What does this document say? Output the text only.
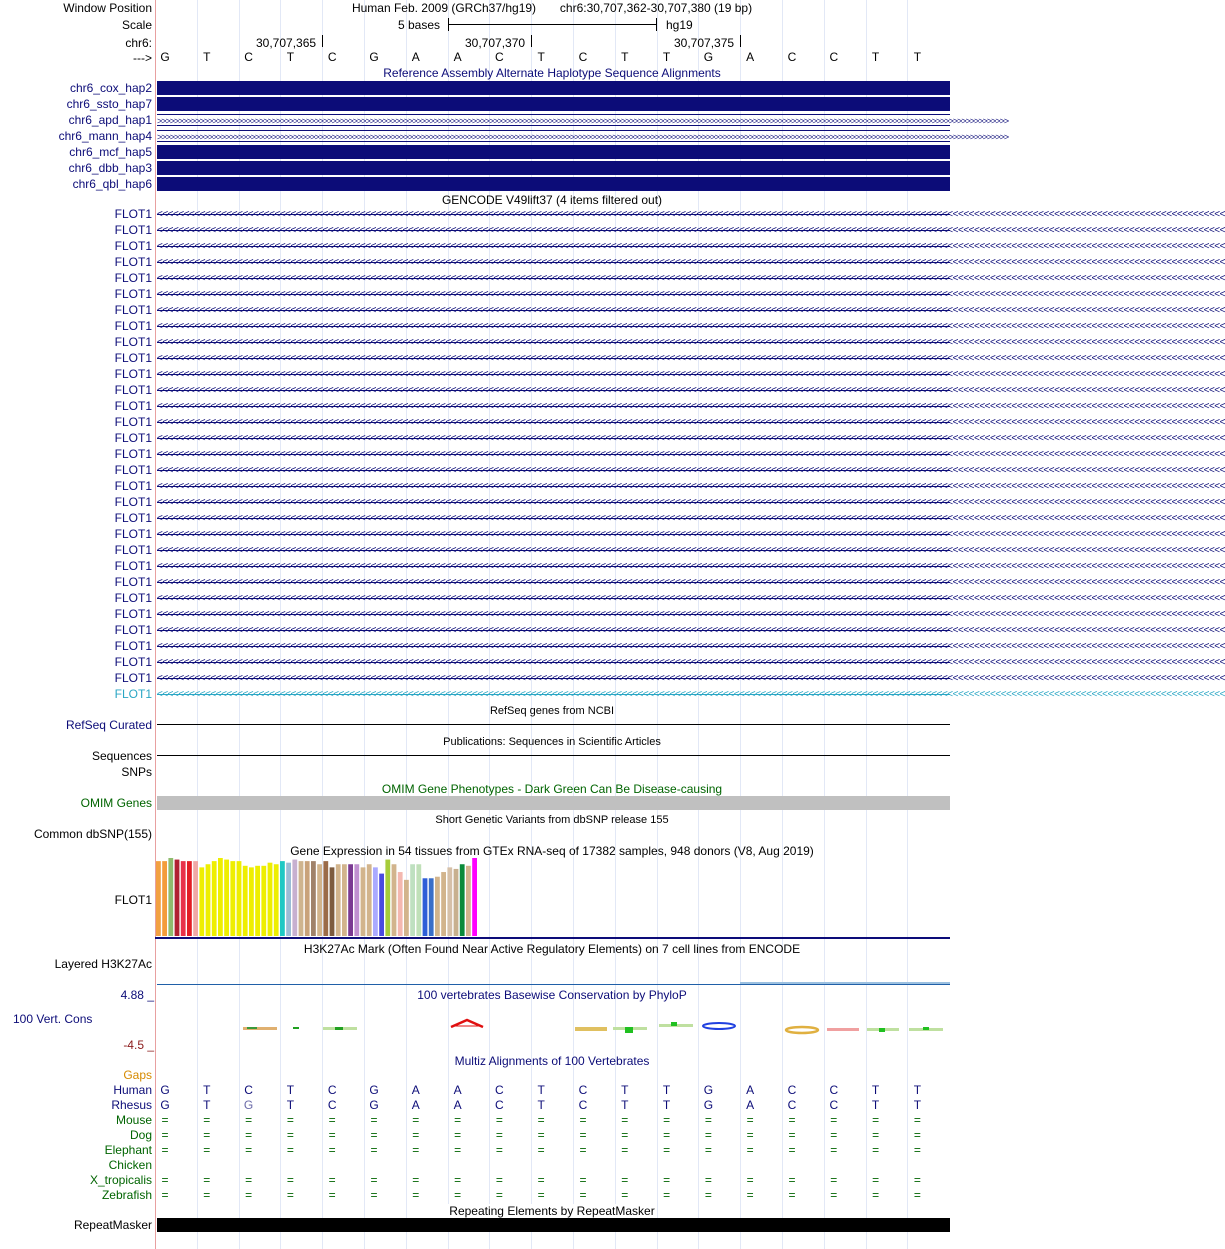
Window Position	Human Feb. 2009 (GRCh37/hg19) chr6:30,707,362-30,707,380 (19 bp)
Scale	5 bases	hg19
chr6:	30,707,365	30,707,370	30,707,375
---> G	T	C	T	C	G	A	A	C	T	C	T	T	G	A	C	C	T	T
Reference Assembly Alternate Haplotype Sequence Alignments
chr6_cox_hap2
chr6_ssto_hap7
chr6_apd_hap1 >>>>>>>>>>>>>>>>>>>>>>>>>>>>>>>>>>>>>>>>>>>>>>>>>>>>>>>>>>>>>>>>>>>>>>>>>>>>>>>>>>>>>>>>>>>>>>>>>>>>>>>>>>>>>>>>>>>>>>>>>>>>>>>>>>>>>>>>>>>>>>>>>>>>>>>>>>>>>>>>>>>>>>>>>>>>>>>>>>>>>>>>>>>>>>>>>>>>>>>>
chr6_mann_hap4 >>>>>>>>>>>>>>>>>>>>>>>>>>>>>>>>>>>>>>>>>>>>>>>>>>>>>>>>>>>>>>>>>>>>>>>>>>>>>>>>>>>>>>>>>>>>>>>>>>>>>>>>>>>>>>>>>>>>>>>>>>>>>>>>>>>>>>>>>>>>>>>>>>>>>>>>>>>>>>>>>>>>>>>>>>>>>>>>>>>>>>>>>>>>>>>>>>>>>>>>
chr6_mcf_hap5
chr6_dbb_hap3
chr6_qbl_hap6
GENCODE V49lift37 (4 items filtered out)
FLOT1 <<<<<<<<<<<<<<<<<<<<<<<<<<<<<<<<<<<<<<<<<<<<<<<<<<<<<<<<<<<<<<<<<<<<<<<<<<<<<<<<<<<<<<<<<<<<<<<<<<<<<<<<<<<<<<<<<<<<<<<<<<<<<<<<<<<<<<<<<<<<<<<<<<<<<<<<<<<<<<<<<<<<<<<<<<<<<<<<<<<<<<<<<<<<<<<<<<<<<<<<
FLOT1 <<<<<<<<<<<<<<<<<<<<<<<<<<<<<<<<<<<<<<<<<<<<<<<<<<<<<<<<<<<<<<<<<<<<<<<<<<<<<<<<<<<<<<<<<<<<<<<<<<<<<<<<<<<<<<<<<<<<<<<<<<<<<<<<<<<<<<<<<<<<<<<<<<<<<<<<<<<<<<<<<<<<<<<<<<<<<<<<<<<<<<<<<<<<<<<<<<<<<<<<
FLOT1 <<<<<<<<<<<<<<<<<<<<<<<<<<<<<<<<<<<<<<<<<<<<<<<<<<<<<<<<<<<<<<<<<<<<<<<<<<<<<<<<<<<<<<<<<<<<<<<<<<<<<<<<<<<<<<<<<<<<<<<<<<<<<<<<<<<<<<<<<<<<<<<<<<<<<<<<<<<<<<<<<<<<<<<<<<<<<<<<<<<<<<<<<<<<<<<<<<<<<<<<
FLOT1 <<<<<<<<<<<<<<<<<<<<<<<<<<<<<<<<<<<<<<<<<<<<<<<<<<<<<<<<<<<<<<<<<<<<<<<<<<<<<<<<<<<<<<<<<<<<<<<<<<<<<<<<<<<<<<<<<<<<<<<<<<<<<<<<<<<<<<<<<<<<<<<<<<<<<<<<<<<<<<<<<<<<<<<<<<<<<<<<<<<<<<<<<<<<<<<<<<<<<<<<
FLOT1 <<<<<<<<<<<<<<<<<<<<<<<<<<<<<<<<<<<<<<<<<<<<<<<<<<<<<<<<<<<<<<<<<<<<<<<<<<<<<<<<<<<<<<<<<<<<<<<<<<<<<<<<<<<<<<<<<<<<<<<<<<<<<<<<<<<<<<<<<<<<<<<<<<<<<<<<<<<<<<<<<<<<<<<<<<<<<<<<<<<<<<<<<<<<<<<<<<<<<<<<
FLOT1 <<<<<<<<<<<<<<<<<<<<<<<<<<<<<<<<<<<<<<<<<<<<<<<<<<<<<<<<<<<<<<<<<<<<<<<<<<<<<<<<<<<<<<<<<<<<<<<<<<<<<<<<<<<<<<<<<<<<<<<<<<<<<<<<<<<<<<<<<<<<<<<<<<<<<<<<<<<<<<<<<<<<<<<<<<<<<<<<<<<<<<<<<<<<<<<<<<<<<<<<
FLOT1 <<<<<<<<<<<<<<<<<<<<<<<<<<<<<<<<<<<<<<<<<<<<<<<<<<<<<<<<<<<<<<<<<<<<<<<<<<<<<<<<<<<<<<<<<<<<<<<<<<<<<<<<<<<<<<<<<<<<<<<<<<<<<<<<<<<<<<<<<<<<<<<<<<<<<<<<<<<<<<<<<<<<<<<<<<<<<<<<<<<<<<<<<<<<<<<<<<<<<<<<
FLOT1 <<<<<<<<<<<<<<<<<<<<<<<<<<<<<<<<<<<<<<<<<<<<<<<<<<<<<<<<<<<<<<<<<<<<<<<<<<<<<<<<<<<<<<<<<<<<<<<<<<<<<<<<<<<<<<<<<<<<<<<<<<<<<<<<<<<<<<<<<<<<<<<<<<<<<<<<<<<<<<<<<<<<<<<<<<<<<<<<<<<<<<<<<<<<<<<<<<<<<<<<
FLOT1 <<<<<<<<<<<<<<<<<<<<<<<<<<<<<<<<<<<<<<<<<<<<<<<<<<<<<<<<<<<<<<<<<<<<<<<<<<<<<<<<<<<<<<<<<<<<<<<<<<<<<<<<<<<<<<<<<<<<<<<<<<<<<<<<<<<<<<<<<<<<<<<<<<<<<<<<<<<<<<<<<<<<<<<<<<<<<<<<<<<<<<<<<<<<<<<<<<<<<<<<
FLOT1 <<<<<<<<<<<<<<<<<<<<<<<<<<<<<<<<<<<<<<<<<<<<<<<<<<<<<<<<<<<<<<<<<<<<<<<<<<<<<<<<<<<<<<<<<<<<<<<<<<<<<<<<<<<<<<<<<<<<<<<<<<<<<<<<<<<<<<<<<<<<<<<<<<<<<<<<<<<<<<<<<<<<<<<<<<<<<<<<<<<<<<<<<<<<<<<<<<<<<<<<
FLOT1 <<<<<<<<<<<<<<<<<<<<<<<<<<<<<<<<<<<<<<<<<<<<<<<<<<<<<<<<<<<<<<<<<<<<<<<<<<<<<<<<<<<<<<<<<<<<<<<<<<<<<<<<<<<<<<<<<<<<<<<<<<<<<<<<<<<<<<<<<<<<<<<<<<<<<<<<<<<<<<<<<<<<<<<<<<<<<<<<<<<<<<<<<<<<<<<<<<<<<<<<
FLOT1 <<<<<<<<<<<<<<<<<<<<<<<<<<<<<<<<<<<<<<<<<<<<<<<<<<<<<<<<<<<<<<<<<<<<<<<<<<<<<<<<<<<<<<<<<<<<<<<<<<<<<<<<<<<<<<<<<<<<<<<<<<<<<<<<<<<<<<<<<<<<<<<<<<<<<<<<<<<<<<<<<<<<<<<<<<<<<<<<<<<<<<<<<<<<<<<<<<<<<<<<
FLOT1 <<<<<<<<<<<<<<<<<<<<<<<<<<<<<<<<<<<<<<<<<<<<<<<<<<<<<<<<<<<<<<<<<<<<<<<<<<<<<<<<<<<<<<<<<<<<<<<<<<<<<<<<<<<<<<<<<<<<<<<<<<<<<<<<<<<<<<<<<<<<<<<<<<<<<<<<<<<<<<<<<<<<<<<<<<<<<<<<<<<<<<<<<<<<<<<<<<<<<<<<
FLOT1 <<<<<<<<<<<<<<<<<<<<<<<<<<<<<<<<<<<<<<<<<<<<<<<<<<<<<<<<<<<<<<<<<<<<<<<<<<<<<<<<<<<<<<<<<<<<<<<<<<<<<<<<<<<<<<<<<<<<<<<<<<<<<<<<<<<<<<<<<<<<<<<<<<<<<<<<<<<<<<<<<<<<<<<<<<<<<<<<<<<<<<<<<<<<<<<<<<<<<<<<
FLOT1 <<<<<<<<<<<<<<<<<<<<<<<<<<<<<<<<<<<<<<<<<<<<<<<<<<<<<<<<<<<<<<<<<<<<<<<<<<<<<<<<<<<<<<<<<<<<<<<<<<<<<<<<<<<<<<<<<<<<<<<<<<<<<<<<<<<<<<<<<<<<<<<<<<<<<<<<<<<<<<<<<<<<<<<<<<<<<<<<<<<<<<<<<<<<<<<<<<<<<<<<
FLOT1 <<<<<<<<<<<<<<<<<<<<<<<<<<<<<<<<<<<<<<<<<<<<<<<<<<<<<<<<<<<<<<<<<<<<<<<<<<<<<<<<<<<<<<<<<<<<<<<<<<<<<<<<<<<<<<<<<<<<<<<<<<<<<<<<<<<<<<<<<<<<<<<<<<<<<<<<<<<<<<<<<<<<<<<<<<<<<<<<<<<<<<<<<<<<<<<<<<<<<<<<
FLOT1 <<<<<<<<<<<<<<<<<<<<<<<<<<<<<<<<<<<<<<<<<<<<<<<<<<<<<<<<<<<<<<<<<<<<<<<<<<<<<<<<<<<<<<<<<<<<<<<<<<<<<<<<<<<<<<<<<<<<<<<<<<<<<<<<<<<<<<<<<<<<<<<<<<<<<<<<<<<<<<<<<<<<<<<<<<<<<<<<<<<<<<<<<<<<<<<<<<<<<<<<
FLOT1 <<<<<<<<<<<<<<<<<<<<<<<<<<<<<<<<<<<<<<<<<<<<<<<<<<<<<<<<<<<<<<<<<<<<<<<<<<<<<<<<<<<<<<<<<<<<<<<<<<<<<<<<<<<<<<<<<<<<<<<<<<<<<<<<<<<<<<<<<<<<<<<<<<<<<<<<<<<<<<<<<<<<<<<<<<<<<<<<<<<<<<<<<<<<<<<<<<<<<<<<
FLOT1 <<<<<<<<<<<<<<<<<<<<<<<<<<<<<<<<<<<<<<<<<<<<<<<<<<<<<<<<<<<<<<<<<<<<<<<<<<<<<<<<<<<<<<<<<<<<<<<<<<<<<<<<<<<<<<<<<<<<<<<<<<<<<<<<<<<<<<<<<<<<<<<<<<<<<<<<<<<<<<<<<<<<<<<<<<<<<<<<<<<<<<<<<<<<<<<<<<<<<<<<
FLOT1 <<<<<<<<<<<<<<<<<<<<<<<<<<<<<<<<<<<<<<<<<<<<<<<<<<<<<<<<<<<<<<<<<<<<<<<<<<<<<<<<<<<<<<<<<<<<<<<<<<<<<<<<<<<<<<<<<<<<<<<<<<<<<<<<<<<<<<<<<<<<<<<<<<<<<<<<<<<<<<<<<<<<<<<<<<<<<<<<<<<<<<<<<<<<<<<<<<<<<<<<
FLOT1 <<<<<<<<<<<<<<<<<<<<<<<<<<<<<<<<<<<<<<<<<<<<<<<<<<<<<<<<<<<<<<<<<<<<<<<<<<<<<<<<<<<<<<<<<<<<<<<<<<<<<<<<<<<<<<<<<<<<<<<<<<<<<<<<<<<<<<<<<<<<<<<<<<<<<<<<<<<<<<<<<<<<<<<<<<<<<<<<<<<<<<<<<<<<<<<<<<<<<<<<
FLOT1 <<<<<<<<<<<<<<<<<<<<<<<<<<<<<<<<<<<<<<<<<<<<<<<<<<<<<<<<<<<<<<<<<<<<<<<<<<<<<<<<<<<<<<<<<<<<<<<<<<<<<<<<<<<<<<<<<<<<<<<<<<<<<<<<<<<<<<<<<<<<<<<<<<<<<<<<<<<<<<<<<<<<<<<<<<<<<<<<<<<<<<<<<<<<<<<<<<<<<<<<
FLOT1 <<<<<<<<<<<<<<<<<<<<<<<<<<<<<<<<<<<<<<<<<<<<<<<<<<<<<<<<<<<<<<<<<<<<<<<<<<<<<<<<<<<<<<<<<<<<<<<<<<<<<<<<<<<<<<<<<<<<<<<<<<<<<<<<<<<<<<<<<<<<<<<<<<<<<<<<<<<<<<<<<<<<<<<<<<<<<<<<<<<<<<<<<<<<<<<<<<<<<<<<
FLOT1 <<<<<<<<<<<<<<<<<<<<<<<<<<<<<<<<<<<<<<<<<<<<<<<<<<<<<<<<<<<<<<<<<<<<<<<<<<<<<<<<<<<<<<<<<<<<<<<<<<<<<<<<<<<<<<<<<<<<<<<<<<<<<<<<<<<<<<<<<<<<<<<<<<<<<<<<<<<<<<<<<<<<<<<<<<<<<<<<<<<<<<<<<<<<<<<<<<<<<<<<
FLOT1 <<<<<<<<<<<<<<<<<<<<<<<<<<<<<<<<<<<<<<<<<<<<<<<<<<<<<<<<<<<<<<<<<<<<<<<<<<<<<<<<<<<<<<<<<<<<<<<<<<<<<<<<<<<<<<<<<<<<<<<<<<<<<<<<<<<<<<<<<<<<<<<<<<<<<<<<<<<<<<<<<<<<<<<<<<<<<<<<<<<<<<<<<<<<<<<<<<<<<<<<
FLOT1 <<<<<<<<<<<<<<<<<<<<<<<<<<<<<<<<<<<<<<<<<<<<<<<<<<<<<<<<<<<<<<<<<<<<<<<<<<<<<<<<<<<<<<<<<<<<<<<<<<<<<<<<<<<<<<<<<<<<<<<<<<<<<<<<<<<<<<<<<<<<<<<<<<<<<<<<<<<<<<<<<<<<<<<<<<<<<<<<<<<<<<<<<<<<<<<<<<<<<<<<
FLOT1 <<<<<<<<<<<<<<<<<<<<<<<<<<<<<<<<<<<<<<<<<<<<<<<<<<<<<<<<<<<<<<<<<<<<<<<<<<<<<<<<<<<<<<<<<<<<<<<<<<<<<<<<<<<<<<<<<<<<<<<<<<<<<<<<<<<<<<<<<<<<<<<<<<<<<<<<<<<<<<<<<<<<<<<<<<<<<<<<<<<<<<<<<<<<<<<<<<<<<<<<
FLOT1 <<<<<<<<<<<<<<<<<<<<<<<<<<<<<<<<<<<<<<<<<<<<<<<<<<<<<<<<<<<<<<<<<<<<<<<<<<<<<<<<<<<<<<<<<<<<<<<<<<<<<<<<<<<<<<<<<<<<<<<<<<<<<<<<<<<<<<<<<<<<<<<<<<<<<<<<<<<<<<<<<<<<<<<<<<<<<<<<<<<<<<<<<<<<<<<<<<<<<<<<
FLOT1 <<<<<<<<<<<<<<<<<<<<<<<<<<<<<<<<<<<<<<<<<<<<<<<<<<<<<<<<<<<<<<<<<<<<<<<<<<<<<<<<<<<<<<<<<<<<<<<<<<<<<<<<<<<<<<<<<<<<<<<<<<<<<<<<<<<<<<<<<<<<<<<<<<<<<<<<<<<<<<<<<<<<<<<<<<<<<<<<<<<<<<<<<<<<<<<<<<<<<<<<
FLOT1 <<<<<<<<<<<<<<<<<<<<<<<<<<<<<<<<<<<<<<<<<<<<<<<<<<<<<<<<<<<<<<<<<<<<<<<<<<<<<<<<<<<<<<<<<<<<<<<<<<<<<<<<<<<<<<<<<<<<<<<<<<<<<<<<<<<<<<<<<<<<<<<<<<<<<<<<<<<<<<<<<<<<<<<<<<<<<<<<<<<<<<<<<<<<<<<<<<<<<<<<
FLOT1 <<<<<<<<<<<<<<<<<<<<<<<<<<<<<<<<<<<<<<<<<<<<<<<<<<<<<<<<<<<<<<<<<<<<<<<<<<<<<<<<<<<<<<<<<<<<<<<<<<<<<<<<<<<<<<<<<<<<<<<<<<<<<<<<<<<<<<<<<<<<<<<<<<<<<<<<<<<<<<<<<<<<<<<<<<<<<<<<<<<<<<<<<<<<<<<<<<<<<<<<
RefSeq genes from NCBI
RefSeq Curated
Publications: Sequences in Scientific Articles
Sequences
SNPs
OMIM Gene Phenotypes - Dark Green Can Be Disease-causing
OMIM Genes
Short Genetic Variants from dbSNP release 155
Common dbSNP(155)
Gene Expression in 54 tissues from GTEx RNA-seq of 17382 samples, 948 donors (V8, Aug 2019)
FLOT1
H3K27Ac Mark (Often Found Near Active Regulatory Elements) on 7 cell lines from ENCODE
Layered H3K27Ac
100 vertebrates Basewise Conservation by PhyloP
4.88 _
100 Vert. Cons
-4.5 _
Multiz Alignments of 100 Vertebrates
Gaps
Human G	T	C	T	C	G	A	A	C	T	C	T	T	G	A	C	C	T	T
Rhesus G	T	G	T	C	G	A	A	C	T	C	T	T	G	A	C	C	T	T
Mouse =	=	=	=	=	=	=	=	=	=	=	=	=	=	=	=	=	=	=
Dog =	=	=	=	=	=	=	=	=	=	=	=	=	=	=	=	=	=	=
Elephant =	=	=	=	=	=	=	=	=	=	=	=	=	=	=	=	=	=	=
Chicken
X_tropicalis =	=	=	=	=	=	=	=	=	=	=	=	=	=	=	=	=	=	=
Zebrafish =	=	=	=	=	=	=	=	=	=	=	=	=	=	=	=	=	=	=
Repeating Elements by RepeatMasker
RepeatMasker
